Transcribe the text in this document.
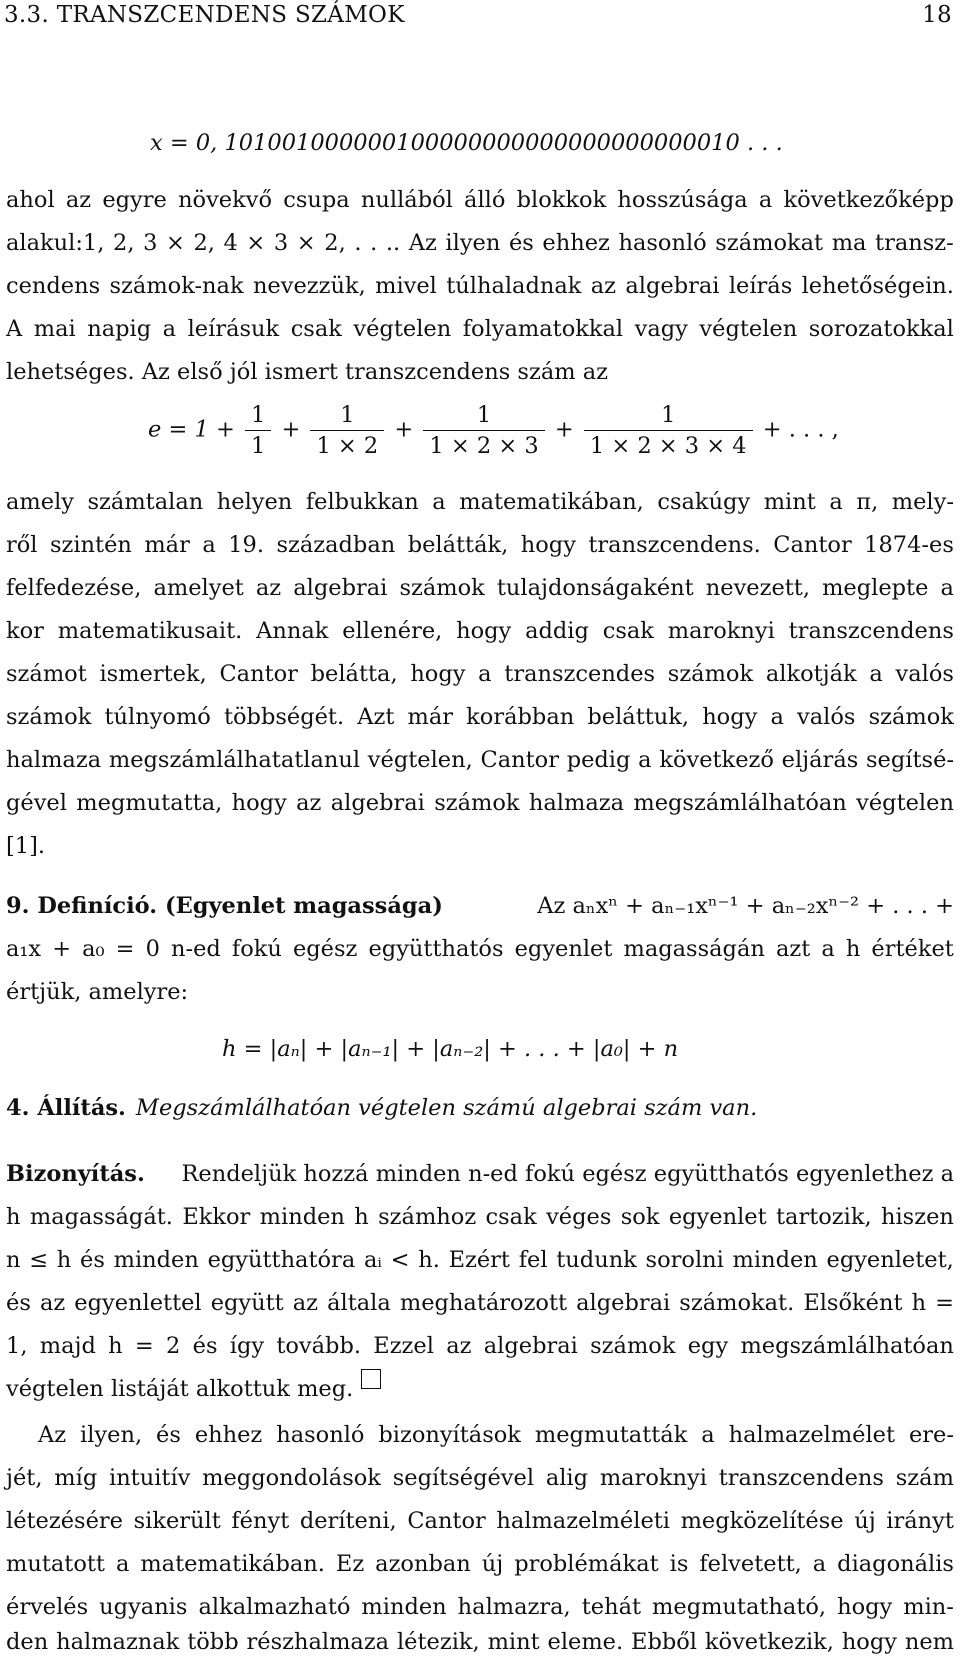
3.3. TRANSZCENDENS SZÁMOK	18
x = 0, 101001000000100000000000000000000010 . . .
ahol az egyre növekvő csupa nullából álló blokkok hosszúsága a következőképp
alakul:1, 2, 3 × 2, 4 × 3 × 2, . . .. Az ilyen és ehhez hasonló számokat ma transz-
cendens számok-nak nevezzük, mivel túlhaladnak az algebrai leírás lehetőségein.
A mai napig a leírásuk csak végtelen folyamatokkal vagy végtelen sorozatokkal
lehetséges. Az első jól ismert transzcendens szám az
$e = 1 + \frac{1}{1} + \frac{1}{1 \times 2} + \frac{1}{1 \times 2 \times 3} + \frac{1}{1 \times 2 \times 3 \times 4}$ + . . . ,
amely számtalan helyen felbukkan a matematikában, csakúgy mint a π, mely-
ről szintén már a 19. században belátták, hogy transzcendens. Cantor 1874-es
felfedezése, amelyet az algebrai számok tulajdonságaként nevezett, meglepte a
kor matematikusait. Annak ellenére, hogy addig csak maroknyi transzcendens
számot ismertek, Cantor belátta, hogy a transzcendes számok alkotják a valós
számok túlnyomó többségét. Azt már korábban beláttuk, hogy a valós számok
halmaza megszámlálhatatlanul végtelen, Cantor pedig a következő eljárás segítsé-
gével megmutatta, hogy az algebrai számok halmaza megszámlálhatóan végtelen
[1].
9. Definíció. (Egyenlet magassága)	Az aₙxⁿ + aₙ₋₁xⁿ⁻¹ + aₙ₋₂xⁿ⁻² + . . . +
a₁x + a₀ = 0 n-ed fokú egész együtthatós egyenlet magasságán azt a h értéket
értjük, amelyre:
h = |aₙ| + |aₙ₋₁| + |aₙ₋₂| + . . . + |a₀| + n
4. Állítás. Megszámlálhatóan végtelen számú algebrai szám van.
Bizonyítás. Rendeljük hozzá minden n-ed fokú egész együtthatós egyenlethez a
h magasságát. Ekkor minden h számhoz csak véges sok egyenlet tartozik, hiszen
n ≤ h és minden együtthatóra aᵢ < h. Ezért fel tudunk sorolni minden egyenletet,
és az egyenlettel együtt az általa meghatározott algebrai számokat. Elsőként h =
1, majd h = 2 és így tovább. Ezzel az algebrai számok egy megszámlálhatóan
végtelen listáját alkottuk meg.
Az ilyen, és ehhez hasonló bizonyítások megmutatták a halmazelmélet ere-
jét, míg intuitív meggondolások segítségével alig maroknyi transzcendens szám
létezésére sikerült fényt deríteni, Cantor halmazelméleti megközelítése új irányt
mutatott a matematikában. Ez azonban új problémákat is felvetett, a diagonális
érvelés ugyanis alkalmazható minden halmazra, tehát megmutatható, hogy min-
den halmaznak több részhalmaza létezik, mint eleme. Ebből következik, hogy nem
